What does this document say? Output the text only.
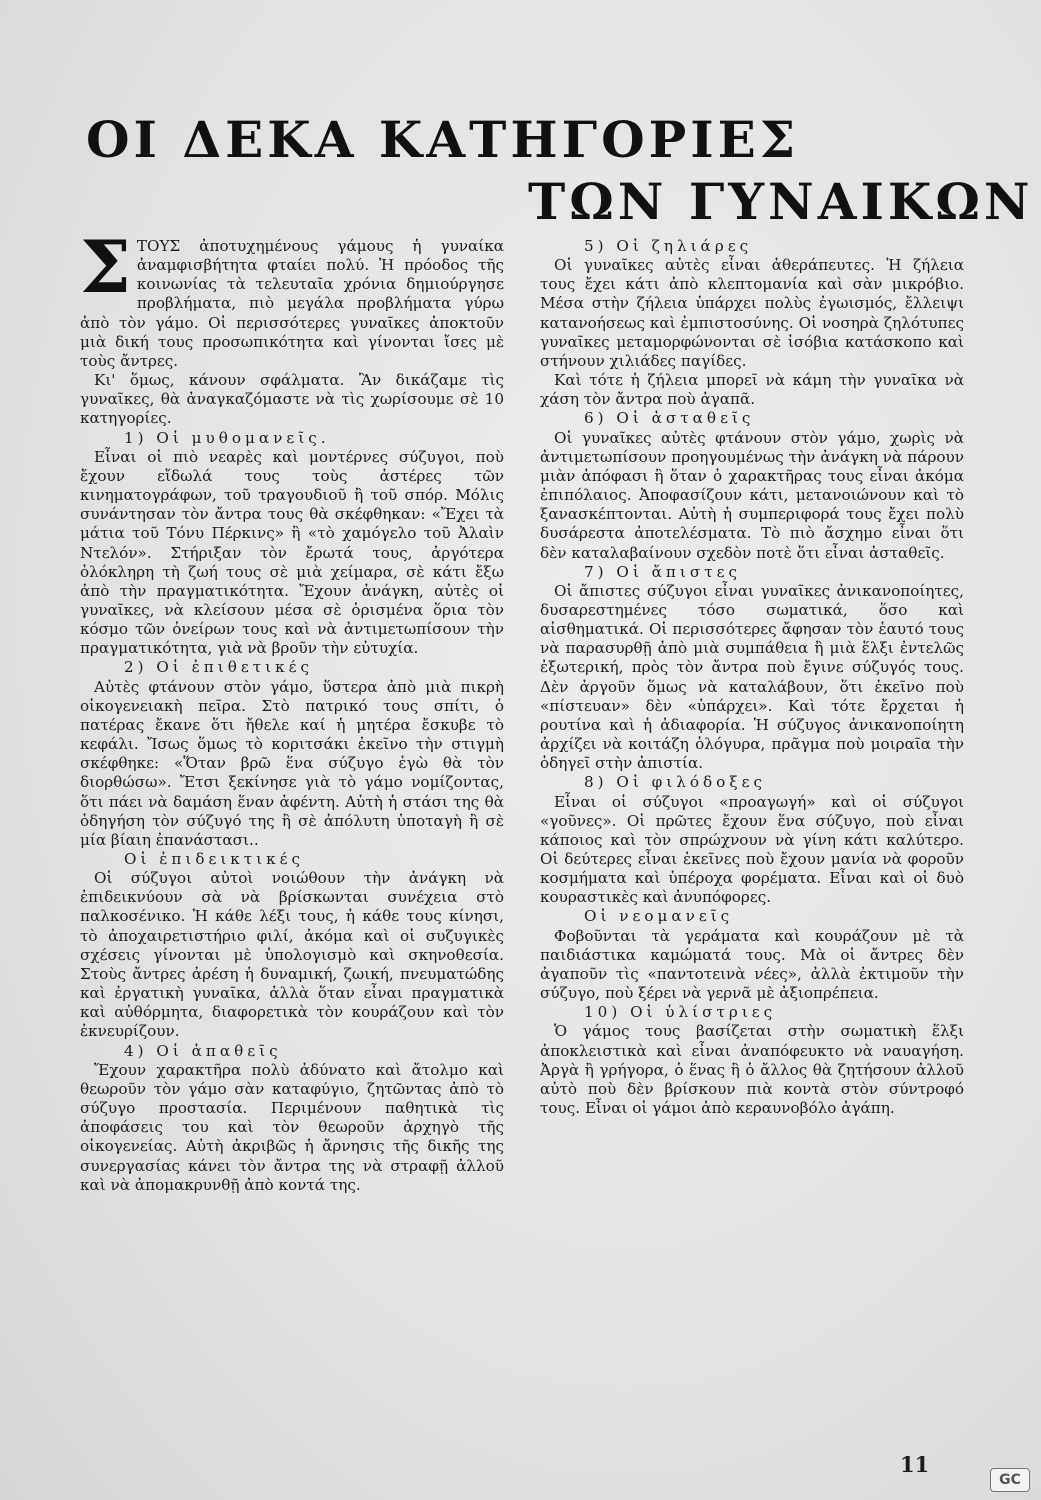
ΟΙ ΔΕΚΑ ΚΑΤΗΓΟΡΙΕΣ
ΤΩΝ ΓΥΝΑΙΚΩΝ
Σ ΤΟΥΣ ἀποτυχημένους γάμους ἡ γυναίκα ἀναμφισβήτητα φταίει πολύ. Ἡ πρόοδος τῆς κοινωνίας τὰ τελευταῖα χρόνια δημιούργησε προβλήματα, πιὸ μεγάλα προβλήματα γύρω ἀπὸ τὸν γάμο. Οἱ περισσότερες γυναῖκες ἀποκτοῦν μιὰ δική τους προσωπικότητα καὶ γίνονται ἴσες μὲ τοὺς ἄντρες.

Κι' ὅμως, κάνουν σφάλματα. Ἂν δικάζαμε τὶς γυναῖκες, θὰ ἀναγκαζόμαστε νὰ τὶς χωρίσουμε σὲ 10 κατηγορίες.

1) Οἱ μυθομανεῖς.

Εἶναι οἱ πιὸ νεαρὲς καὶ μοντέρνες σύζυγοι, ποὺ ἔχουν εἴδωλά τους τοὺς ἀστέρες τῶν κινηματογράφων, τοῦ τραγουδιοῦ ἢ τοῦ σπόρ. Μόλις συνάντησαν τὸν ἄντρα τους θὰ σκέφθηκαν: «Ἔχει τὰ μάτια τοῦ Τόνυ Πέρκινς» ἢ «τὸ χαμόγελο τοῦ Ἀλαὶν Ντελόν». Στήριξαν τὸν ἔρωτά τους, ἀργότερα ὁλόκληρη τὴ ζωή τους σὲ μιὰ χείμαρα, σὲ κάτι ἔξω ἀπὸ τὴν πραγματικότητα. Ἔχουν ἀνάγκη, αὐτὲς οἱ γυναῖκες, νὰ κλείσουν μέσα σὲ ὁρισμένα ὅρια τὸν κόσμο τῶν ὀνείρων τους καὶ νὰ ἀντιμετωπίσουν τὴν πραγματικότητα, γιὰ νὰ βροῦν τὴν εὐτυχία.

2) Οἱ ἐπιθετικές

Αὐτὲς φτάνουν στὸν γάμο, ὕστερα ἀπὸ μιὰ πικρὴ οἰκογενειακὴ πεῖρα. Στὸ πατρικό τους σπίτι, ὁ πατέρας ἔκανε ὅτι ἤθελε καί ἡ μητέρα ἔσκυβε τὸ κεφάλι. Ἴσως ὅμως τὸ κοριτσάκι ἐκεῖνο τὴν στιγμὴ σκέφθηκε: «Ὅταν βρῶ ἕνα σύζυγο ἐγὼ θὰ τὸν διορθώσω». Ἔτσι ξεκίνησε γιὰ τὸ γάμο νομίζοντας, ὅτι πάει νὰ δαμάση ἕναν ἀφέντη. Αὐτὴ ἡ στάσι της θὰ ὁδηγήση τὸν σύζυγό της ἢ σὲ ἀπόλυτη ὑποταγὴ ἢ σὲ μία βίαιη ἐπανάστασι..

Οἱ ἐπιδεικτικές

Οἱ σύζυγοι αὐτοὶ νοιώθουν τὴν ἀνάγκη νὰ ἐπιδεικνύουν σὰ νὰ βρίσκωνται συνέχεια στὸ παλκοσένικο. Ἡ κάθε λέξι τους, ἡ κάθε τους κίνησι, τὸ ἀποχαιρετιστήριο φιλί, ἀκόμα καὶ οἱ συζυγικὲς σχέσεις γίνονται μὲ ὑπολογισμὸ καὶ σκηνοθεσία. Στοὺς ἄντρες ἀρέση ἡ δυναμική, ζωική, πνευματώδης καὶ ἐργατικὴ γυναῖκα, ἀλλὰ ὅταν εἶναι πραγματικὰ καὶ αὐθόρμητα, διαφορετικὰ τὸν κουράζουν καὶ τὸν ἐκνευρίζουν.

4) Οἱ ἀπαθεῖς

Ἔχουν χαρακτῆρα πολὺ ἀδύνατο καὶ ἄτολμο καὶ θεωροῦν τὸν γάμο σὰν καταφύγιο, ζητῶντας ἀπὸ τὸ σύζυγο προστασία. Περιμένουν παθητικὰ τὶς ἀποφάσεις του καὶ τὸν θεωροῦν ἀρχηγὸ τῆς οἰκογενείας. Αὐτὴ ἀκριβῶς ἡ ἄρνησις τῆς δικῆς της συνεργασίας κάνει τὸν ἄντρα της νὰ στραφῇ ἀλλοῦ καὶ νὰ ἀπομακρυνθῇ ἀπὸ κοντά της.

5) Οἱ ζηλιάρες

Οἱ γυναῖκες αὐτὲς εἶναι ἀθεράπευτες. Ἡ ζήλεια τους ἔχει κάτι ἀπὸ κλεπτομανία καὶ σὰν μικρόβιο. Μέσα στὴν ζήλεια ὑπάρχει πολὺς ἐγωισμός, ἔλλειψι κατανοήσεως καὶ ἐμπιστοσύνης. Οἱ νοσηρὰ ζηλότυπες γυναῖκες μεταμορφώνονται σὲ ἰσόβια κατάσκοπο καὶ στήνουν χιλιάδες παγίδες.

Καὶ τότε ἡ ζήλεια μπορεῖ νὰ κάμη τὴν γυναῖκα νὰ χάση τὸν ἄντρα ποὺ ἀγαπᾶ.

6) Οἱ ἀσταθεῖς

Οἱ γυναῖκες αὐτὲς φτάνουν στὸν γάμο, χωρὶς νὰ ἀντιμετωπίσουν προηγουμένως τὴν ἀνάγκη νὰ πάρουν μιὰν ἀπόφασι ἢ ὅταν ὁ χαρακτῆρας τους εἶναι ἀκόμα ἐπιπόλαιος. Ἀποφασίζουν κάτι, μετανοιώνουν καὶ τὸ ξανασκέπτονται. Αὐτὴ ἡ συμπεριφορά τους ἔχει πολὺ δυσάρεστα ἀποτελέσματα. Τὸ πιὸ ἄσχημο εἶναι ὅτι δὲν καταλαβαίνουν σχεδὸν ποτὲ ὅτι εἶναι ἀσταθεῖς.

7) Οἱ ἄπιστες

Οἱ ἄπιστες σύζυγοι εἶναι γυναῖκες ἀνικανοποίητες, δυσαρεστημένες τόσο σωματικά, ὅσο καὶ αἰσθηματικά. Οἱ περισσότερες ἄφησαν τὸν ἑαυτό τους νὰ παρασυρθῇ ἀπὸ μιὰ συμπάθεια ἢ μιὰ ἕλξι ἐντελῶς ἐξωτερική, πρὸς τὸν ἄντρα ποὺ ἔγινε σύζυγός τους. Δὲν ἀργοῦν ὅμως νὰ καταλάβουν, ὅτι ἐκεῖνο ποὺ «πίστευαν» δὲν «ὑπάρχει». Καὶ τότε ἔρχεται ἡ ρουτίνα καὶ ἡ ἀδιαφορία. Ἡ σύζυγος ἀνικανοποίητη ἀρχίζει νὰ κοιτάζη ὁλόγυρα, πρᾶγμα ποὺ μοιραῖα τὴν ὁδηγεῖ στὴν ἀπιστία.

8) Οἱ φιλόδοξες

Εἶναι οἱ σύζυγοι «προαγωγή» καὶ οἱ σύζυγοι «γοῦνες». Οἱ πρῶτες ἔχουν ἕνα σύζυγο, ποὺ εἶναι κάποιος καὶ τὸν σπρώχνουν νὰ γίνη κάτι καλύτερο. Οἱ δεύτερες εἶναι ἐκεῖνες ποὺ ἔχουν μανία νὰ φοροῦν κοσμήματα καὶ ὑπέροχα φορέματα. Εἶναι καὶ οἱ δυὸ κουραστικὲς καὶ ἀνυπόφορες.

Οἱ νεομανεῖς

Φοβοῦνται τὰ γεράματα καὶ κουράζουν μὲ τὰ παιδιάστικα καμώματά τους. Μὰ οἱ ἄντρες δὲν ἀγαποῦν τὶς «παντοτεινὰ νέες», ἀλλὰ ἐκτιμοῦν τὴν σύζυγο, ποὺ ξέρει νὰ γερνᾶ μὲ ἀξιοπρέπεια.

10) Οἱ ὑλίστριες

Ὁ γάμος τους βασίζεται στὴν σωματικὴ ἕλξι ἀποκλειστικὰ καὶ εἶναι ἀναπόφευκτο νὰ ναυαγήση. Ἀργὰ ἢ γρήγορα, ὁ ἕνας ἢ ὁ ἄλλος θὰ ζητήσουν ἀλλοῦ αὐτὸ ποὺ δὲν βρίσκουν πιὰ κοντὰ στὸν σύντροφό τους. Εἶναι οἱ γάμοι ἀπὸ κεραυνοβόλο ἀγάπη.

11
GC
